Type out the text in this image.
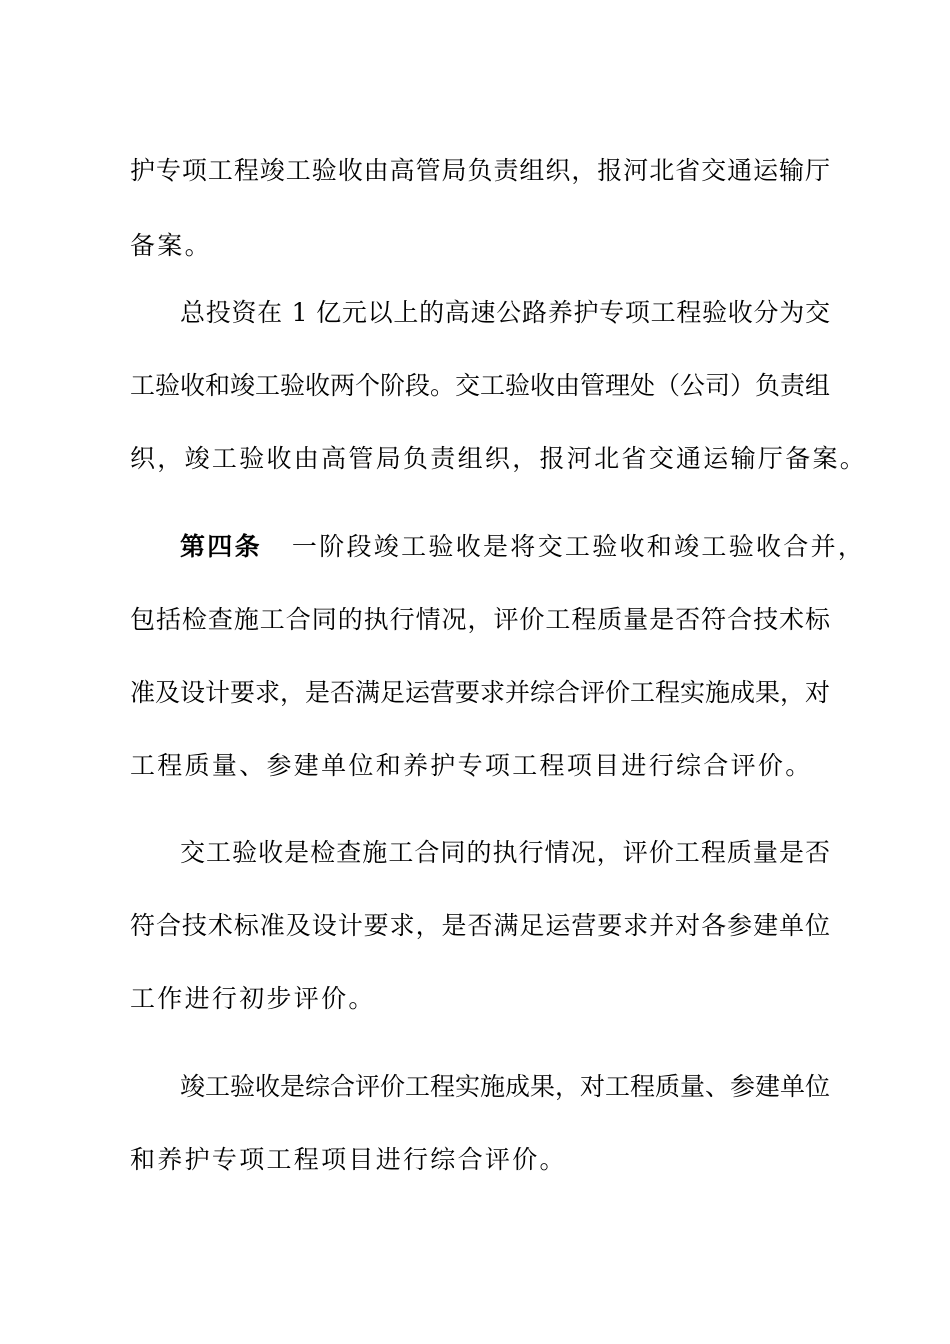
护专项工程竣工验收由高管局负责组织，报河北省交通运输厅
备案。
总投资在 1 亿元以上的高速公路养护专项工程验收分为交
工验收和竣工验收两个阶段。交工验收由管理处（公司）负责组
织，竣工验收由高管局负责组织，报河北省交通运输厅备案。
第四条 一阶段竣工验收是将交工验收和竣工验收合并，
包括检查施工合同的执行情况，评价工程质量是否符合技术标
准及设计要求，是否满足运营要求并综合评价工程实施成果，对
工程质量、参建单位和养护专项工程项目进行综合评价。
交工验收是检查施工合同的执行情况，评价工程质量是否
符合技术标准及设计要求，是否满足运营要求并对各参建单位
工作进行初步评价。
竣工验收是综合评价工程实施成果，对工程质量、参建单位
和养护专项工程项目进行综合评价。
